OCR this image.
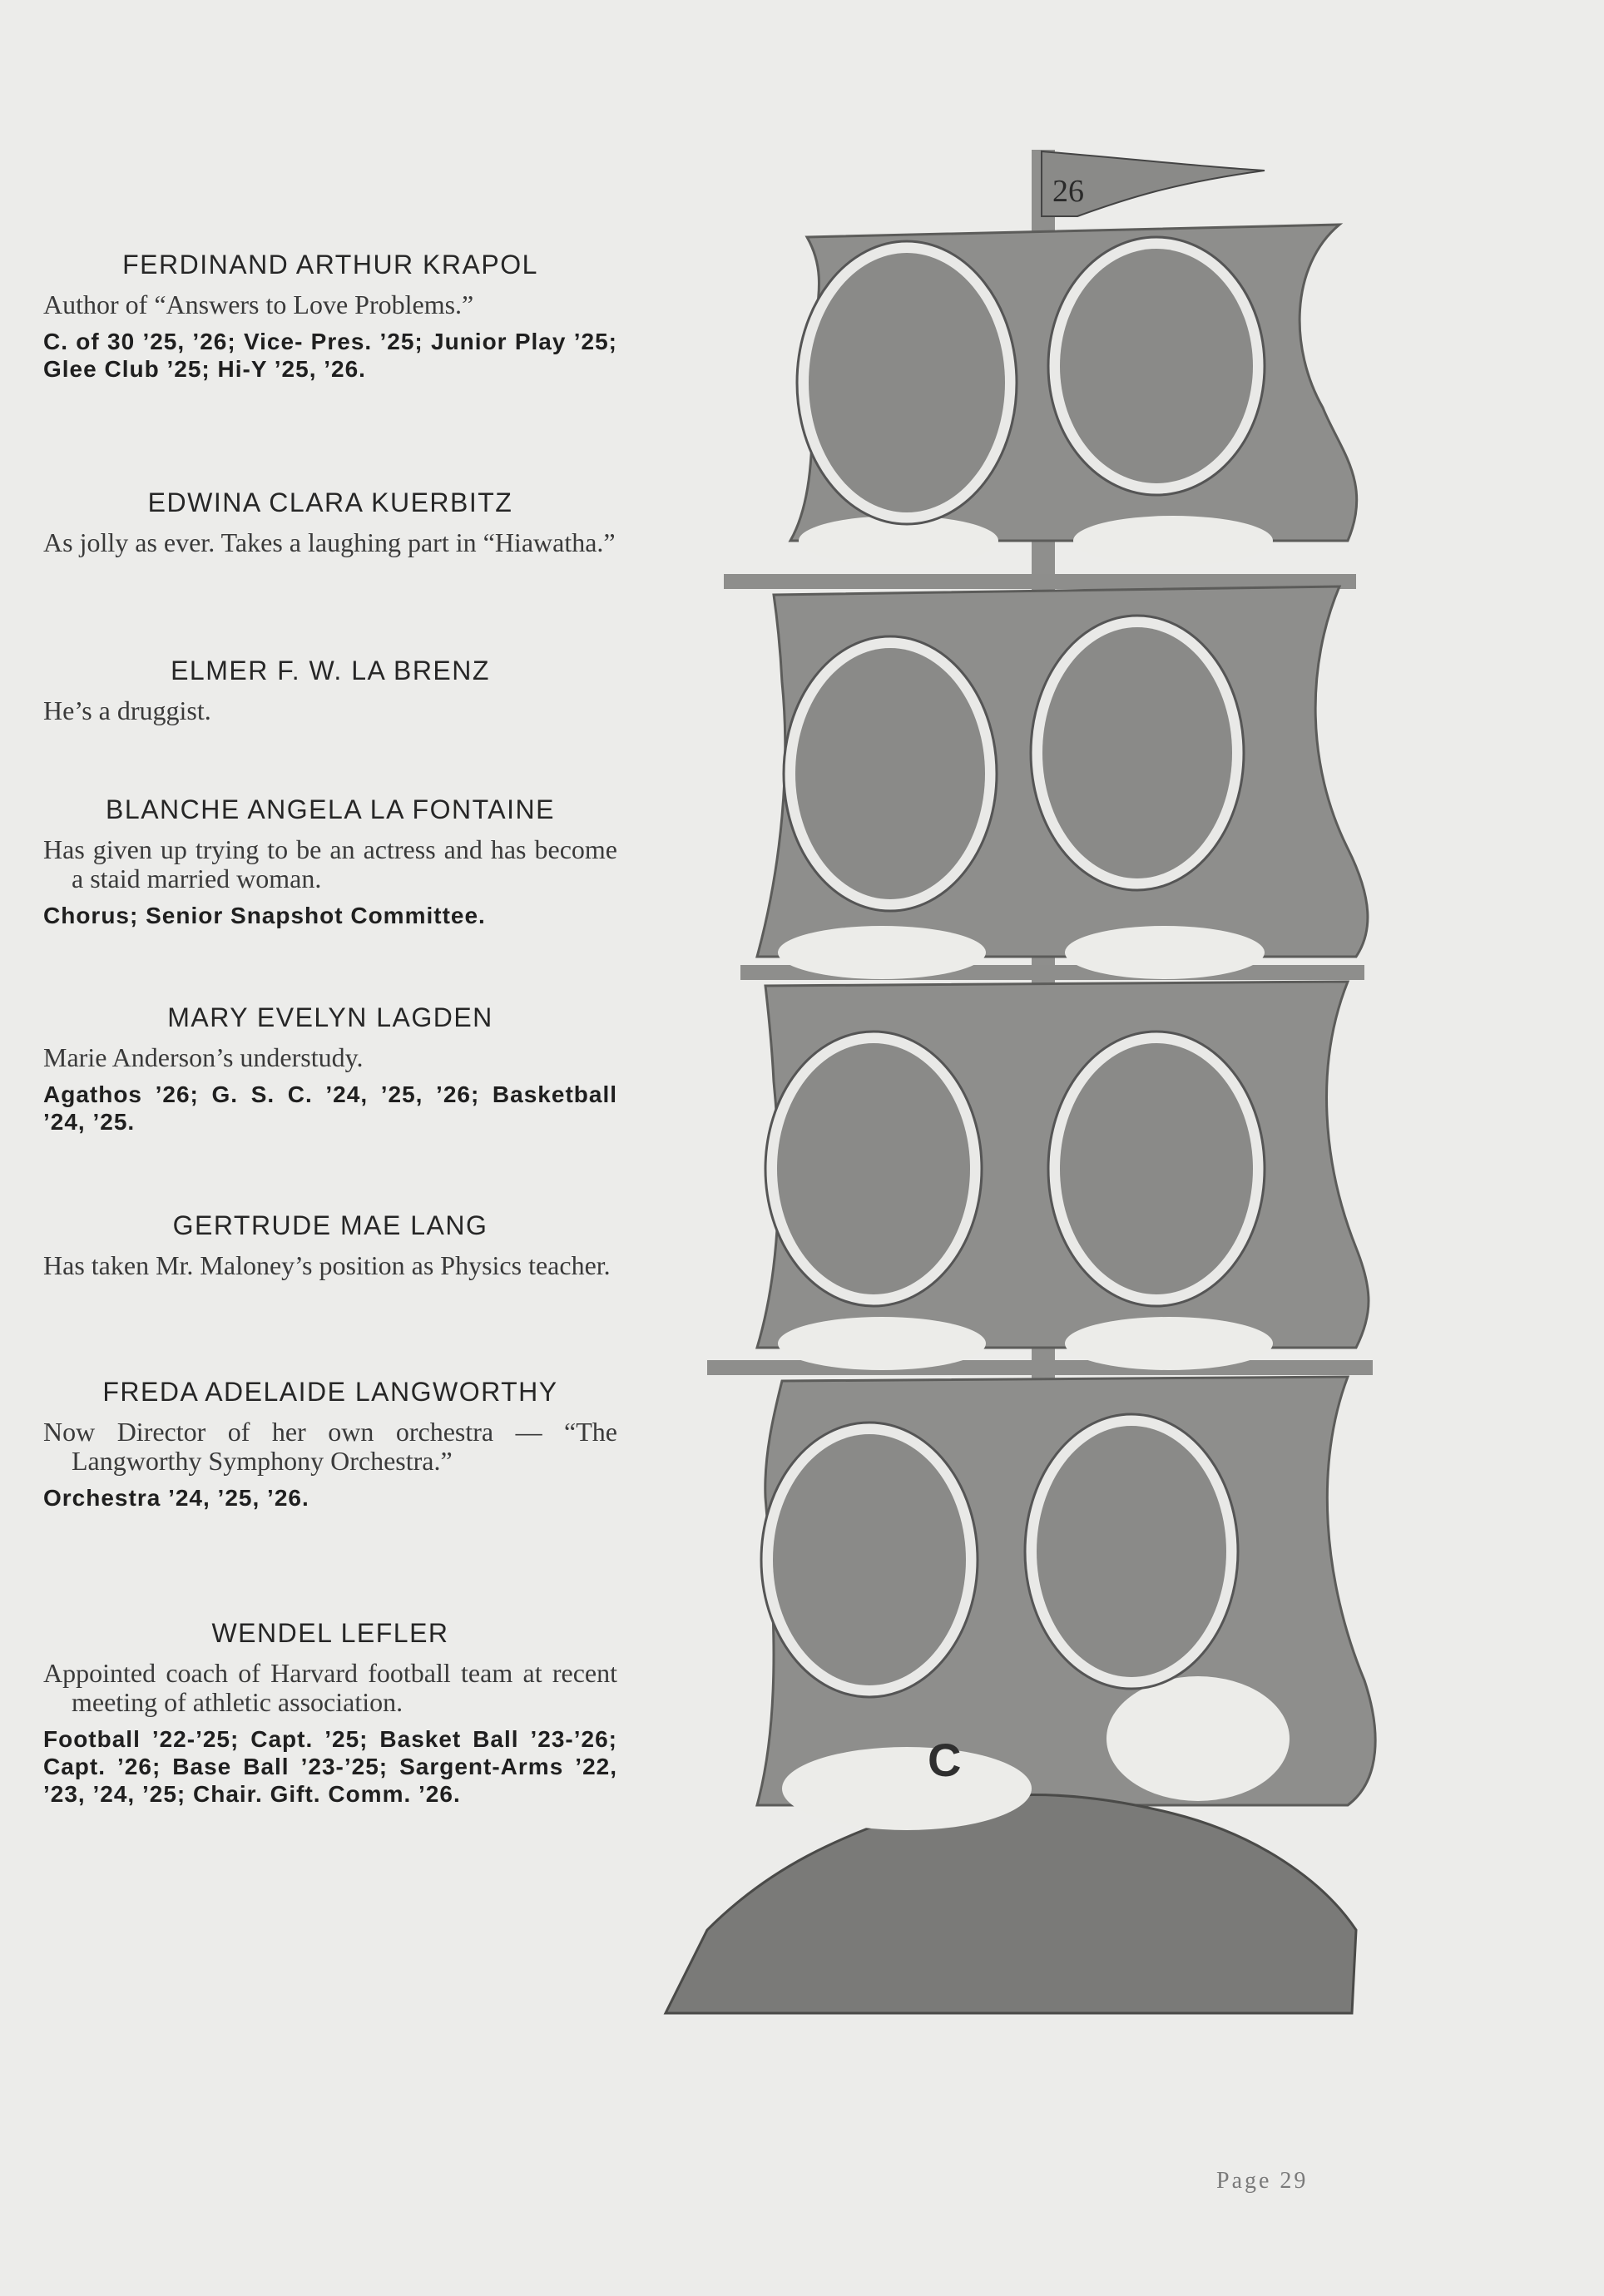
FERDINAND ARTHUR KRAPOL
Author of “Answers to Love Problems.”
C. of 30 ’25, ’26; Vice- Pres. ’25; Junior Play ’25; Glee Club ’25; Hi-Y ’25, ’26.
EDWINA CLARA KUERBITZ
As jolly as ever. Takes a laughing part in “Hiawatha.”
ELMER F. W. LA BRENZ
He’s a druggist.
BLANCHE ANGELA LA FONTAINE
Has given up trying to be an actress and has become a staid married woman.
Chorus; Senior Snapshot Committee.
MARY EVELYN LAGDEN
Marie Anderson’s understudy.
Agathos ’26; G. S. C. ’24, ’25, ’26; Basketball ’24, ’25.
GERTRUDE MAE LANG
Has taken Mr. Maloney’s position as Physics teacher.
FREDA ADELAIDE LANGWORTHY
Now Director of her own orchestra — “The Langworthy Symphony Orchestra.”
Orchestra ’24, ’25, ’26.
WENDEL LEFLER
Appointed coach of Harvard football team at recent meeting of athletic association.
Football ’22-’25; Capt. ’25; Basket Ball ’23-’26; Capt. ’26; Base Ball ’23-’25; Sargent-Arms ’22, ’23, ’24, ’25; Chair. Gift. Comm. ’26.
26
C
Page 29
